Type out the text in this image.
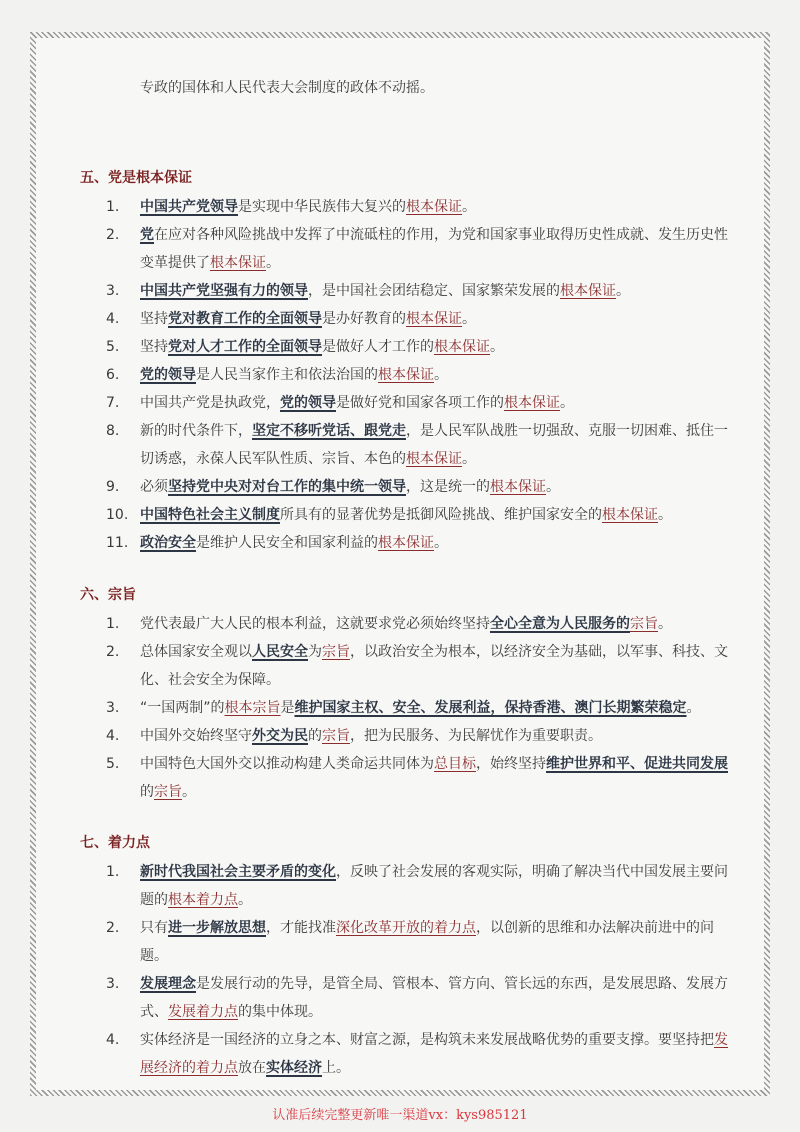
专政的国体和人民代表大会制度的政体不动摇。
五、党是根本保证
1.	中国共产党领导是实现中华民族伟大复兴的根本保证。
2.	党在应对各种风险挑战中发挥了中流砥柱的作用，为党和国家事业取得历史性成就、发生历史性变革提供了根本保证。
3.	中国共产党坚强有力的领导，是中国社会团结稳定、国家繁荣发展的根本保证。
4.	坚持党对教育工作的全面领导是办好教育的根本保证。
5.	坚持党对人才工作的全面领导是做好人才工作的根本保证。
6.	党的领导是人民当家作主和依法治国的根本保证。
7.	中国共产党是执政党，党的领导是做好党和国家各项工作的根本保证。
8.	新的时代条件下，坚定不移听党话、跟党走，是人民军队战胜一切强敌、克服一切困难、抵住一切诱惑，永葆人民军队性质、宗旨、本色的根本保证。
9.	必须坚持党中央对对台工作的集中统一领导，这是统一的根本保证。
10. 中国特色社会主义制度所具有的显著优势是抵御风险挑战、维护国家安全的根本保证。
11. 政治安全是维护人民安全和国家利益的根本保证。
六、宗旨
1.	党代表最广大人民的根本利益，这就要求党必须始终坚持全心全意为人民服务的宗旨。
2.	总体国家安全观以人民安全为宗旨，以政治安全为根本，以经济安全为基础，以军事、科技、文化、社会安全为保障。
3.	“一国两制”的根本宗旨是维护国家主权、安全、发展利益，保持香港、澳门长期繁荣稳定。
4.	中国外交始终坚守外交为民的宗旨，把为民服务、为民解忧作为重要职责。
5.	中国特色大国外交以推动构建人类命运共同体为总目标，始终坚持维护世界和平、促进共同发展的宗旨。
七、着力点
1.	新时代我国社会主要矛盾的变化，反映了社会发展的客观实际，明确了解决当代中国发展主要问题的根本着力点。
2.	只有进一步解放思想，才能找准深化改革开放的着力点，以创新的思维和办法解决前进中的问题。
3.	发展理念是发展行动的先导，是管全局、管根本、管方向、管长远的东西，是发展思路、发展方式、发展着力点的集中体现。
4.	实体经济是一国经济的立身之本、财富之源，是构筑未来发展战略优势的重要支撑。要坚持把发展经济的着力点放在实体经济上。
认准后续完整更新唯一渠道vx：kys985121
